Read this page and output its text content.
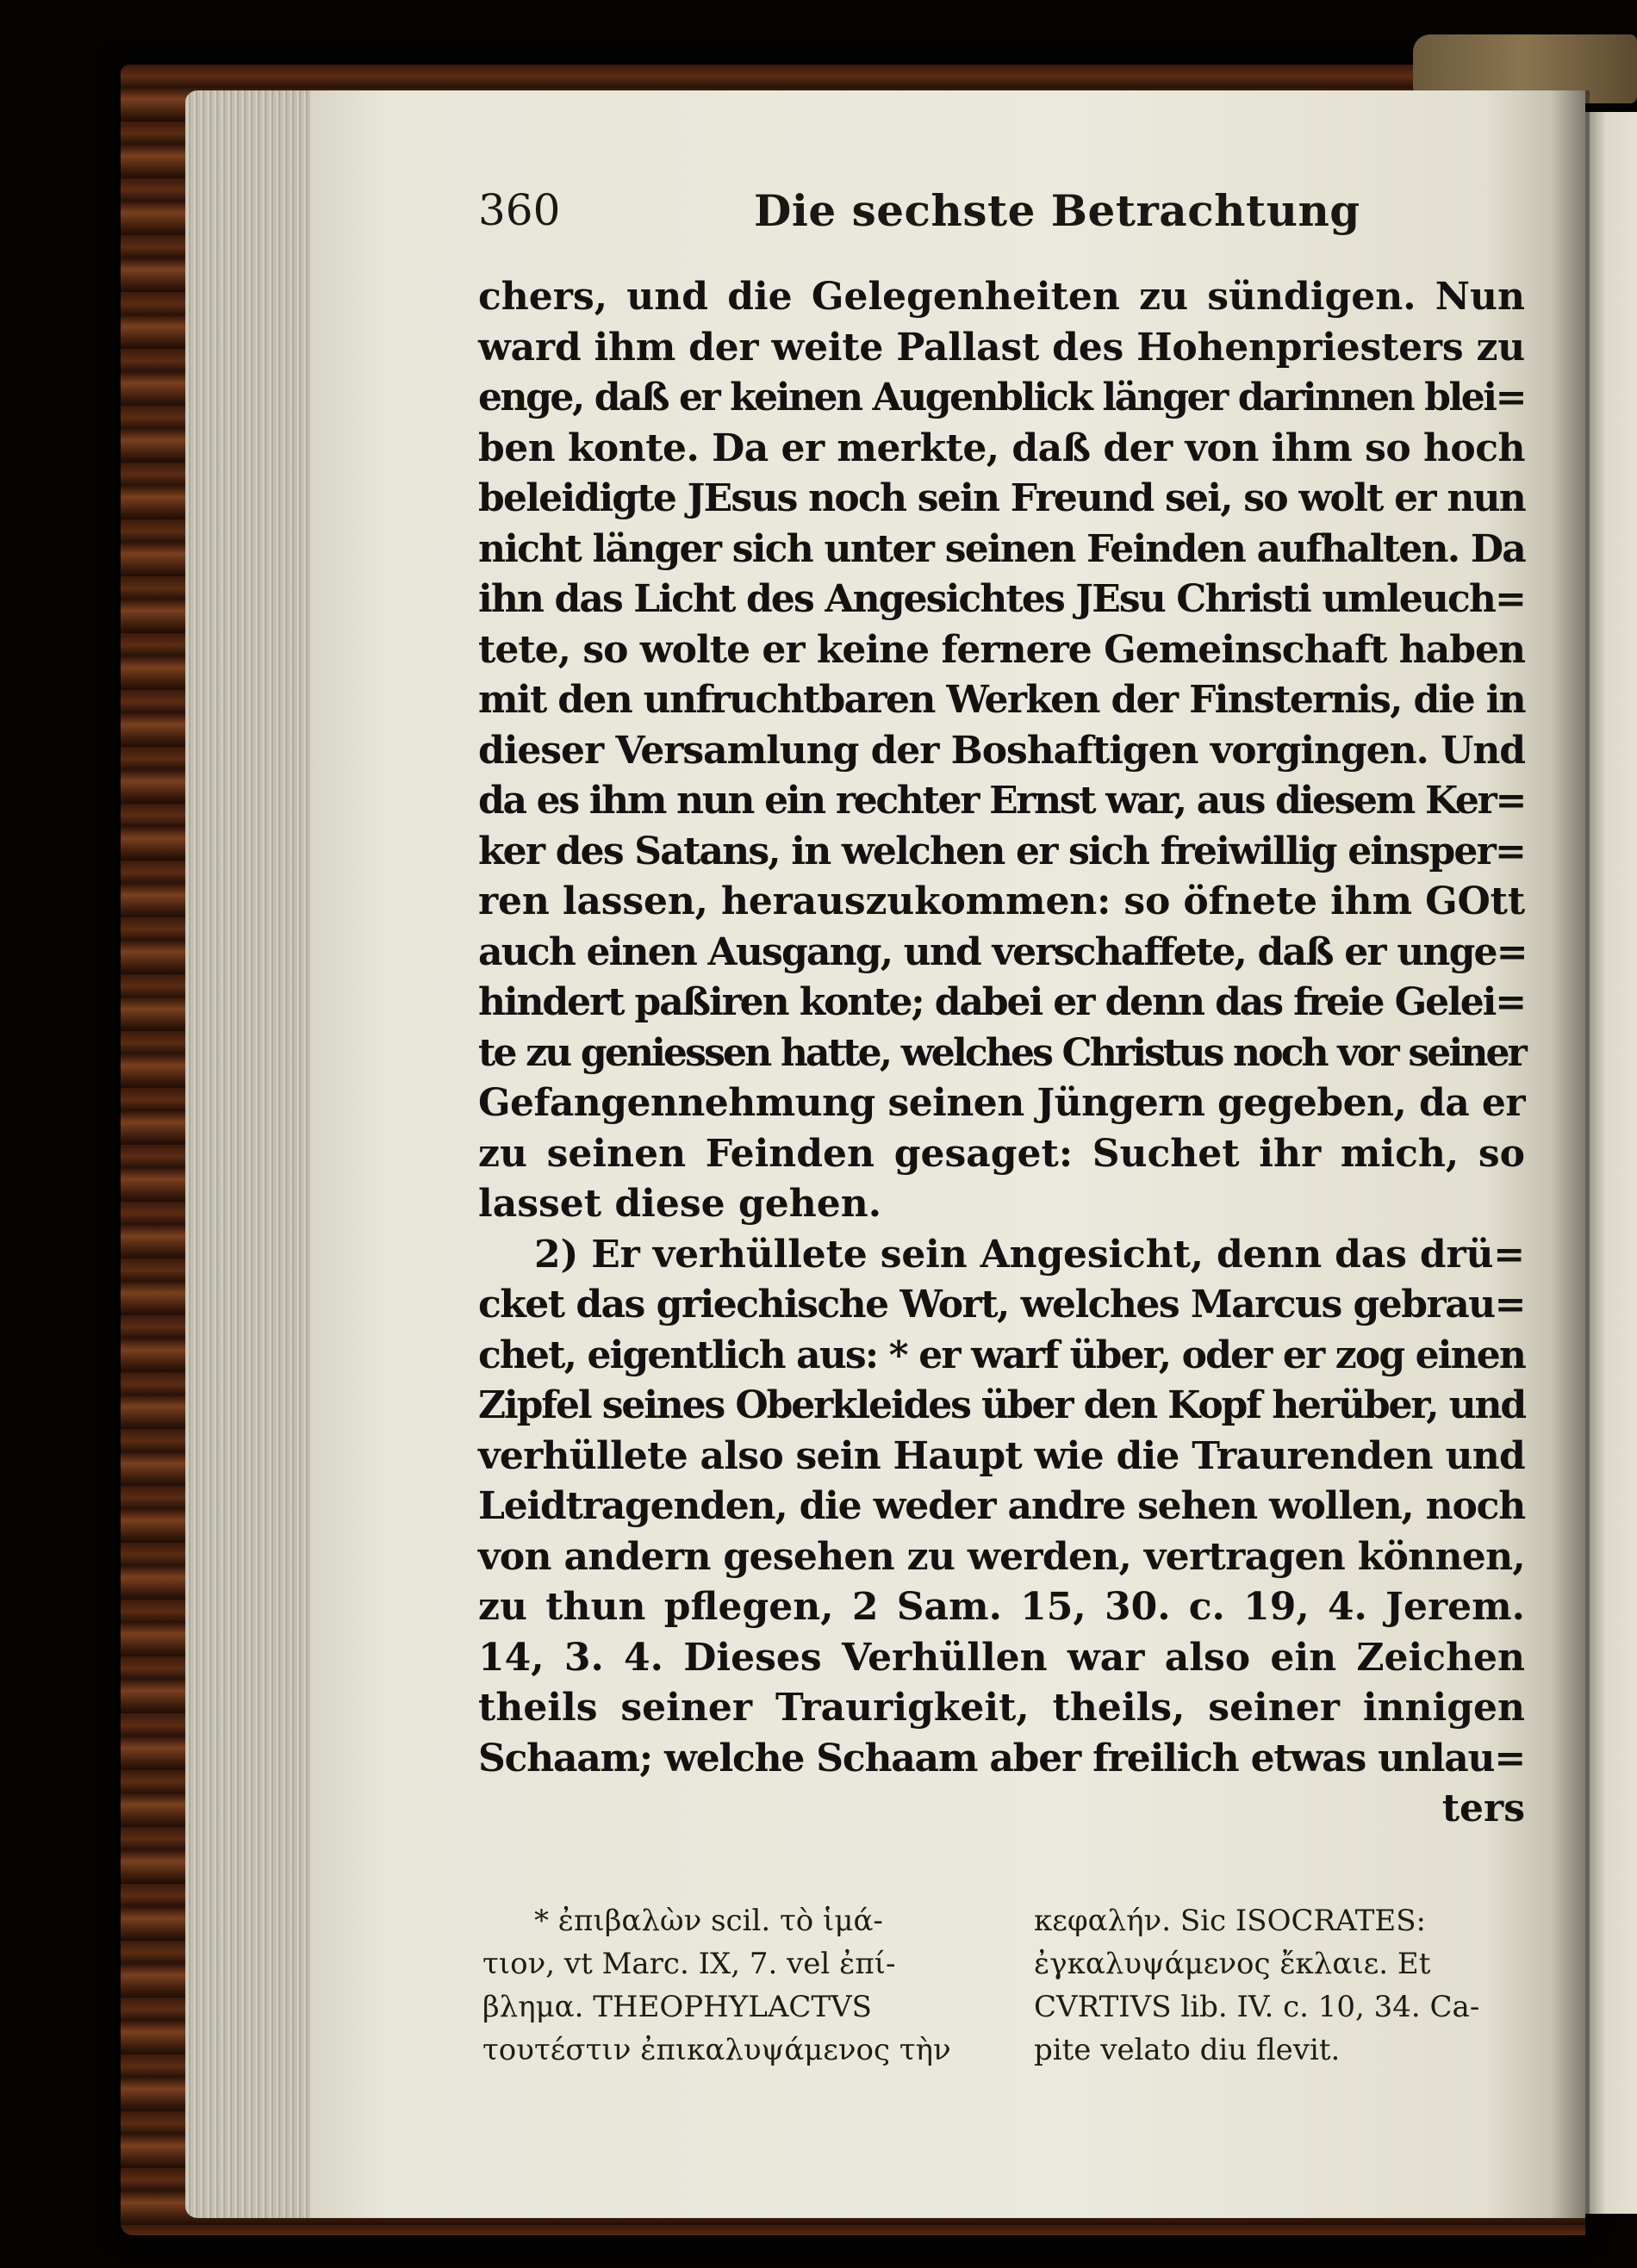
360	Die sechste Betrachtung
chers, und die Gelegenheiten zu sündigen. Nun
ward ihm der weite Pallast des Hohenpriesters zu
enge, daß er keinen Augenblick länger darinnen blei=
ben konte. Da er merkte, daß der von ihm so hoch
beleidigte JEsus noch sein Freund sei, so wolt er nun
nicht länger sich unter seinen Feinden aufhalten. Da
ihn das Licht des Angesichtes JEsu Christi umleuch=
tete, so wolte er keine fernere Gemeinschaft haben
mit den unfruchtbaren Werken der Finsternis, die in
dieser Versamlung der Boshaftigen vorgingen. Und
da es ihm nun ein rechter Ernst war, aus diesem Ker=
ker des Satans, in welchen er sich freiwillig einsper=
ren lassen, herauszukommen: so öfnete ihm GOtt
auch einen Ausgang, und verschaffete, daß er unge=
hindert paßiren konte; dabei er denn das freie Gelei=
te zu geniessen hatte, welches Christus noch vor seiner
Gefangennehmung seinen Jüngern gegeben, da er
zu seinen Feinden gesaget: Suchet ihr mich, so
lasset diese gehen.
2) Er verhüllete sein Angesicht, denn das drü=
cket das griechische Wort, welches Marcus gebrau=
chet, eigentlich aus: * er warf über, oder er zog einen
Zipfel seines Oberkleides über den Kopf herüber, und
verhüllete also sein Haupt wie die Traurenden und
Leidtragenden, die weder andre sehen wollen, noch
von andern gesehen zu werden, vertragen können,
zu thun pflegen, 2 Sam. 15, 30. c. 19, 4. Jerem.
14, 3. 4. Dieses Verhüllen war also ein Zeichen
theils seiner Traurigkeit, theils, seiner innigen
Schaam; welche Schaam aber freilich etwas unlau=
ters
* ἐπιβαλὼν scil. τὸ ἱμά-
τιον, vt Marc. IX, 7. vel ἐπί-
βλημα. THEOPHYLACTVS
τουτέστιν ἐπικαλυψάμενος τὴν
κεφαλήν. Sic ISOCRATES:
ἐγκαλυψάμενος ἔκλαιε. Et
CVRTIVS lib. IV. c. 10, 34. Ca-
pite velato diu flevit.
